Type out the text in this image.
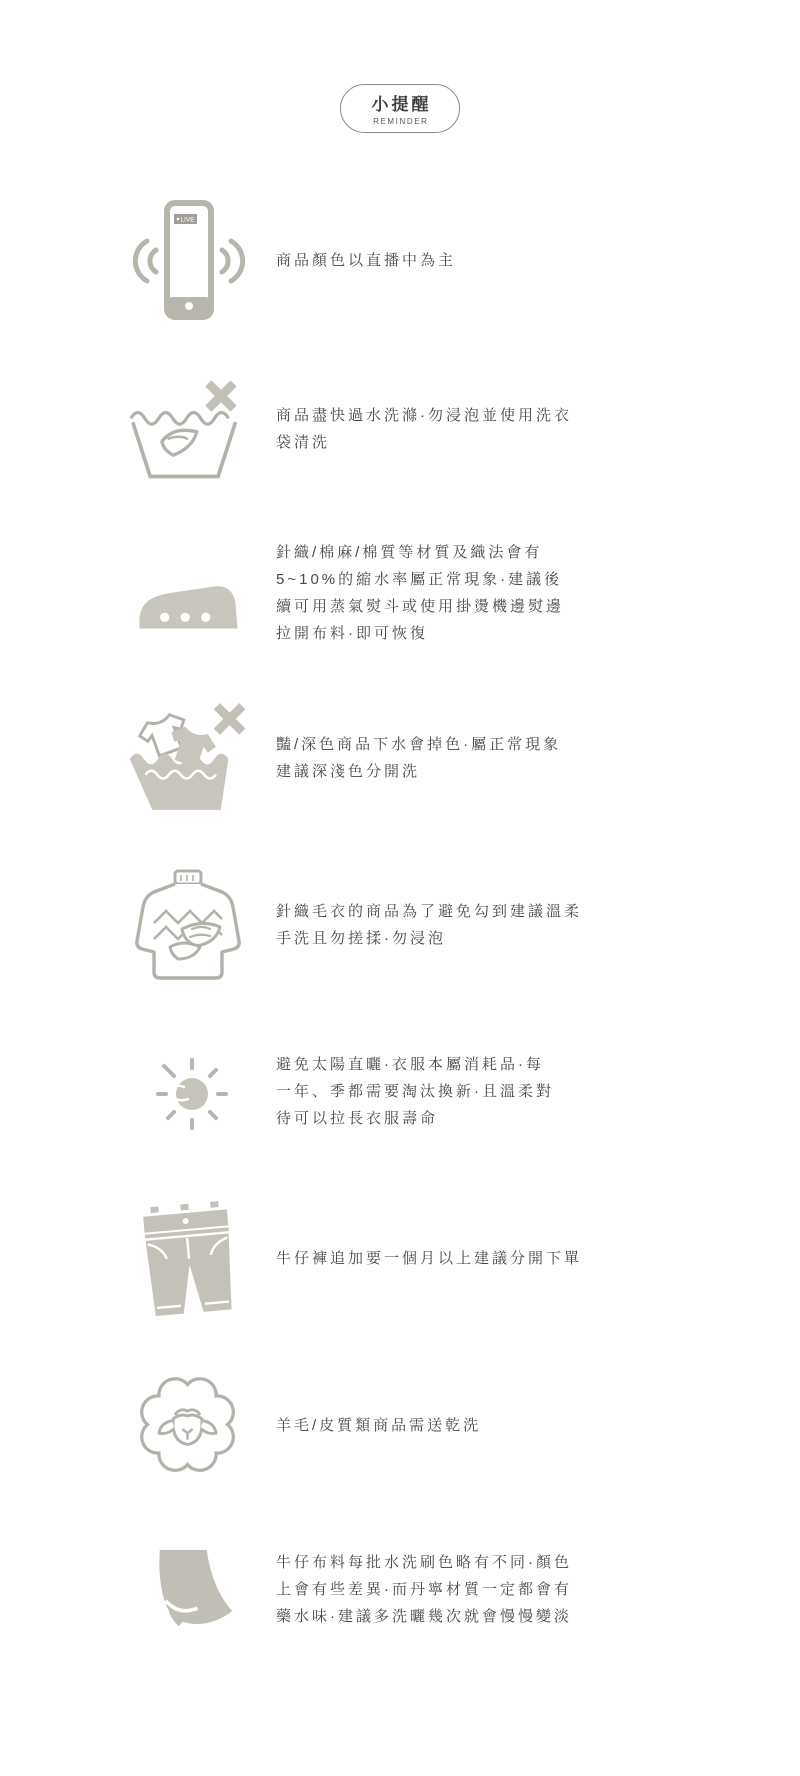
小提醒
REMINDER
商品顏色以直播中為主
商品盡快過水洗滌·勿浸泡並使用洗衣
袋清洗
針織/棉麻/棉質等材質及織法會有
5~10%的縮水率屬正常現象·建議後
續可用蒸氣熨斗或使用掛燙機邊熨邊
拉開布料·即可恢復
豔/深色商品下水會掉色·屬正常現象
建議深淺色分開洗
針織毛衣的商品為了避免勾到建議溫柔
手洗且勿搓揉·勿浸泡
避免太陽直曬·衣服本屬消耗品·每
一年、季都需要淘汰換新·且溫柔對
待可以拉長衣服壽命
牛仔褲追加要一個月以上建議分開下單
羊毛/皮質類商品需送乾洗
牛仔布料每批水洗刷色略有不同·顏色
上會有些差異·而丹寧材質一定都會有
藥水味·建議多洗曬幾次就會慢慢變淡
